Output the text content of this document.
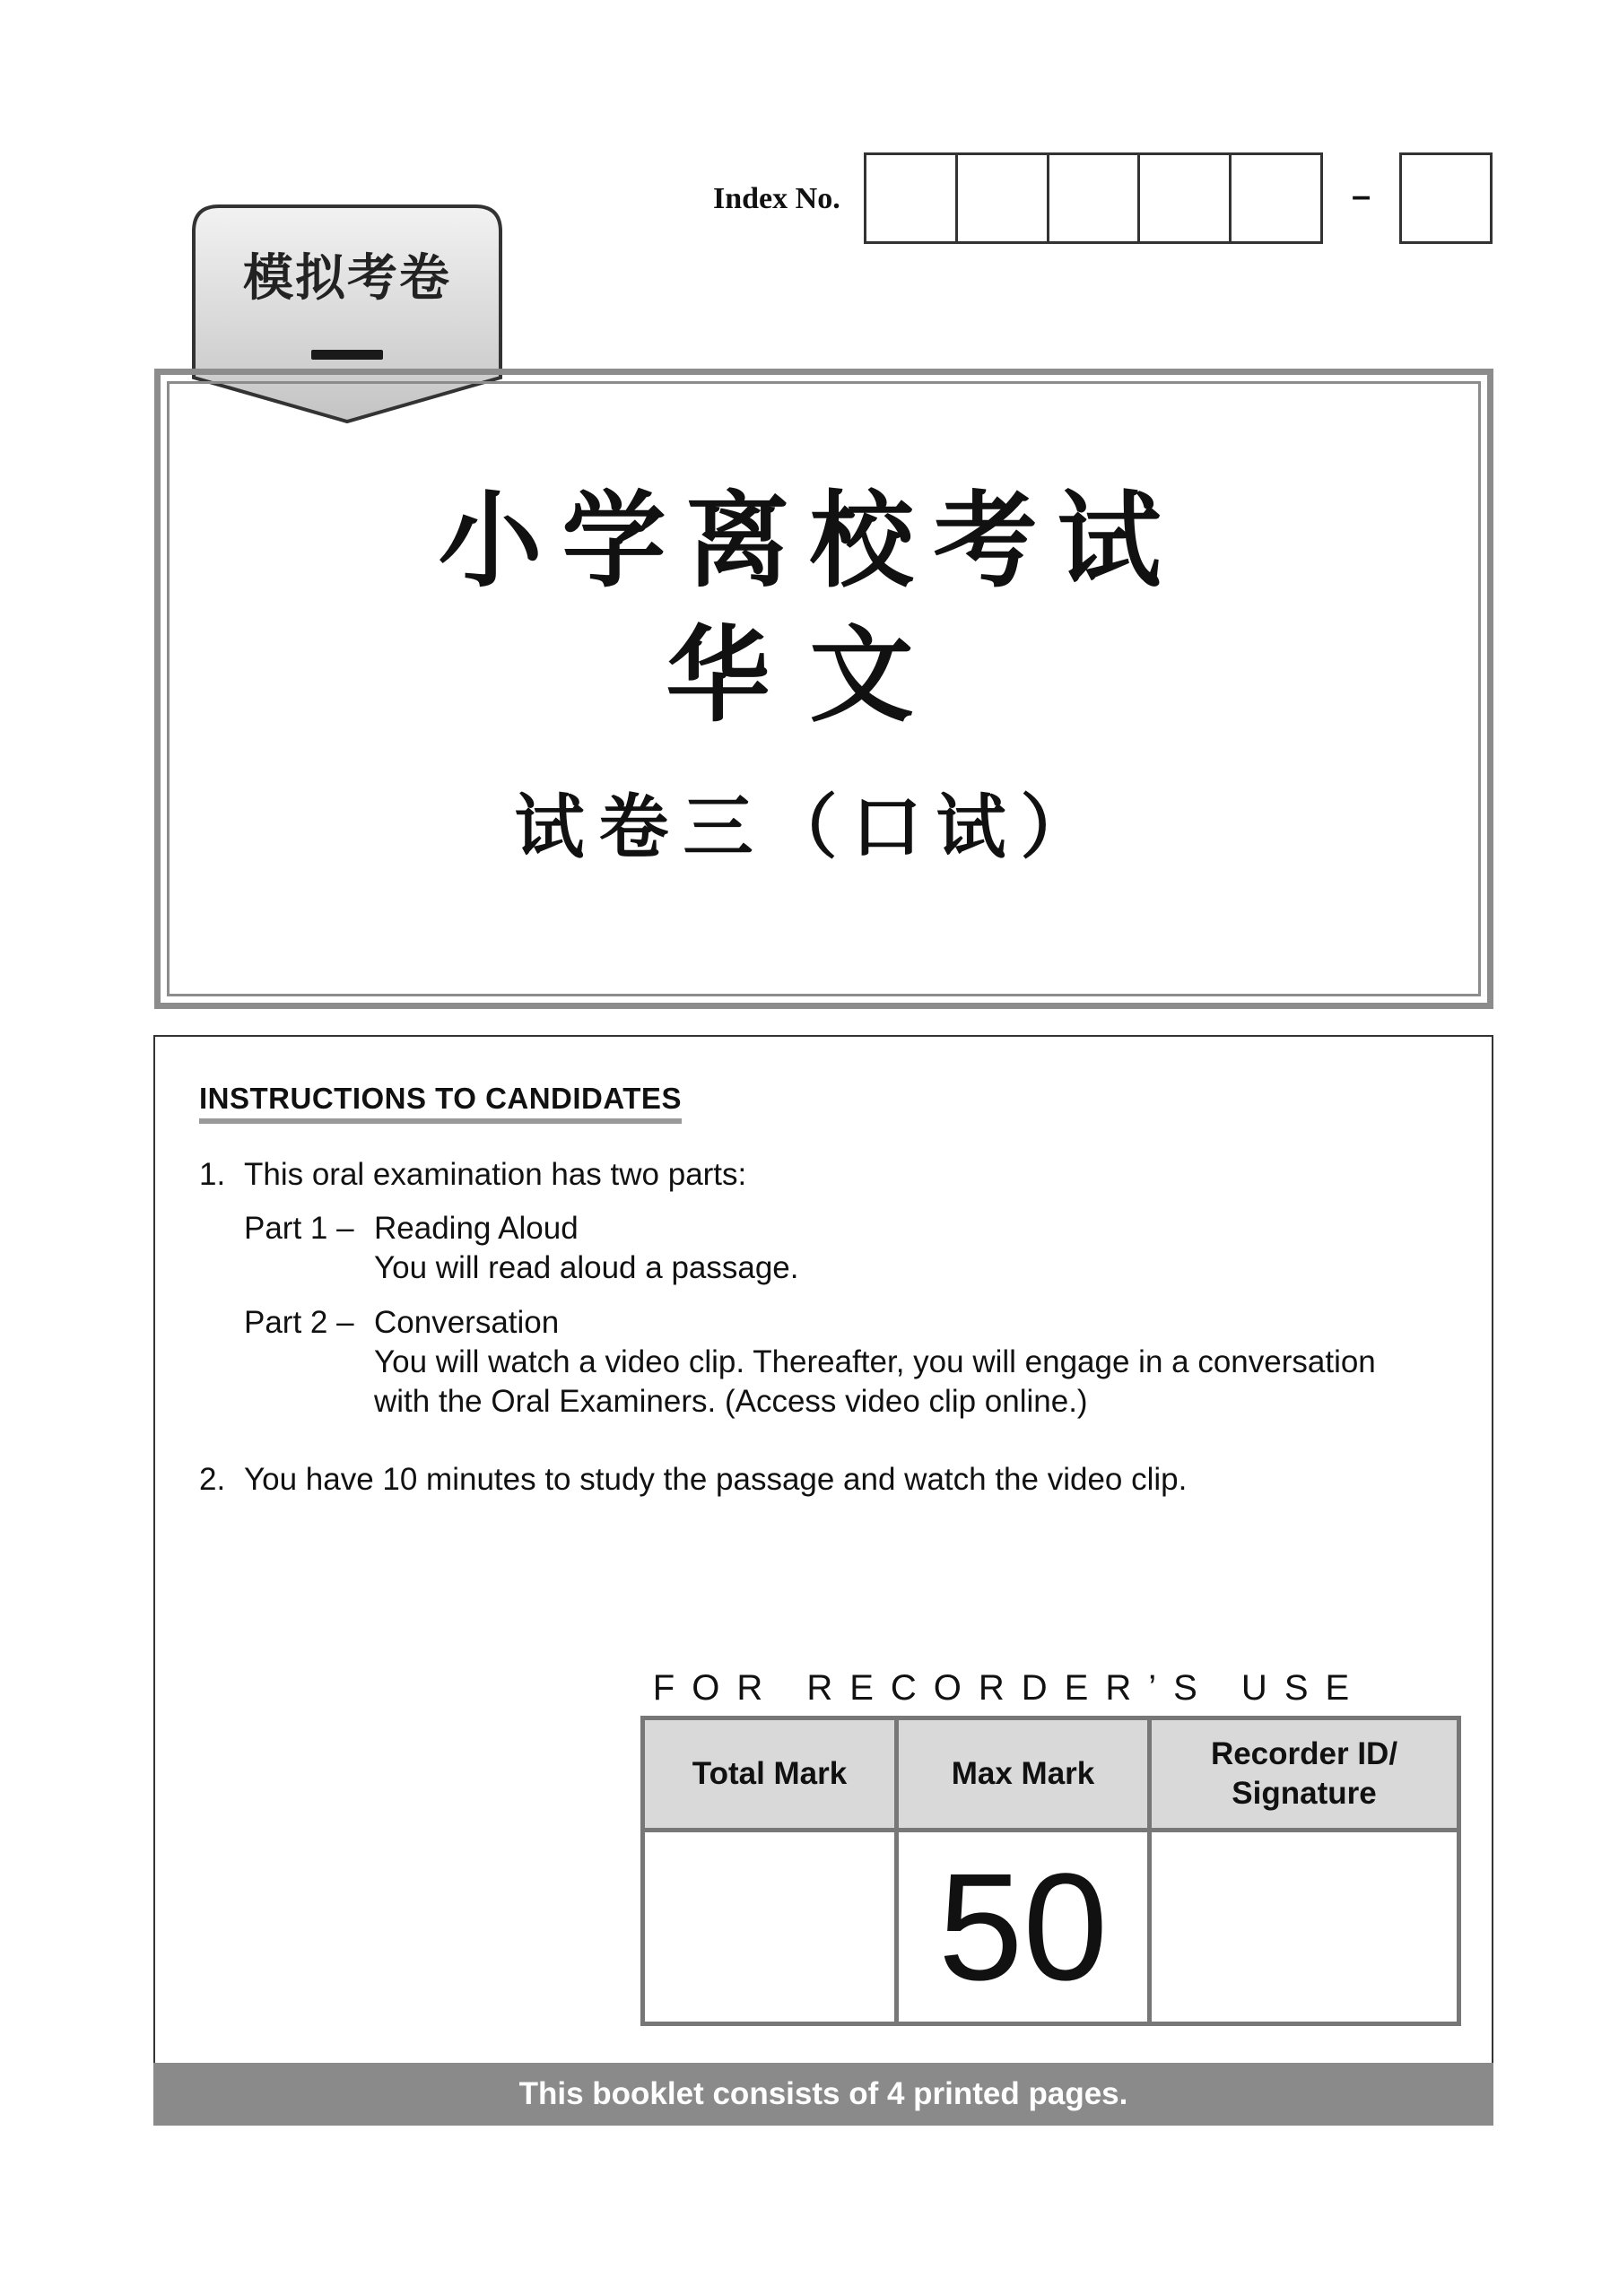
Index No.	–
模拟考卷
小学离校考试
华文
试卷三（口试）
INSTRUCTIONS TO CANDIDATES
1. This oral examination has two parts:
Part 1 – Reading Aloud
You will read aloud a passage.
Part 2 – Conversation
You will watch a video clip. Thereafter, you will engage in a conversation
with the Oral Examiners. (Access video clip online.)
2. You have 10 minutes to study the passage and watch the video clip.
FOR RECORDER’S USE
Total Mark	Max Mark	Recorder ID/
Signature
	50	
This booklet consists of 4 printed pages.
